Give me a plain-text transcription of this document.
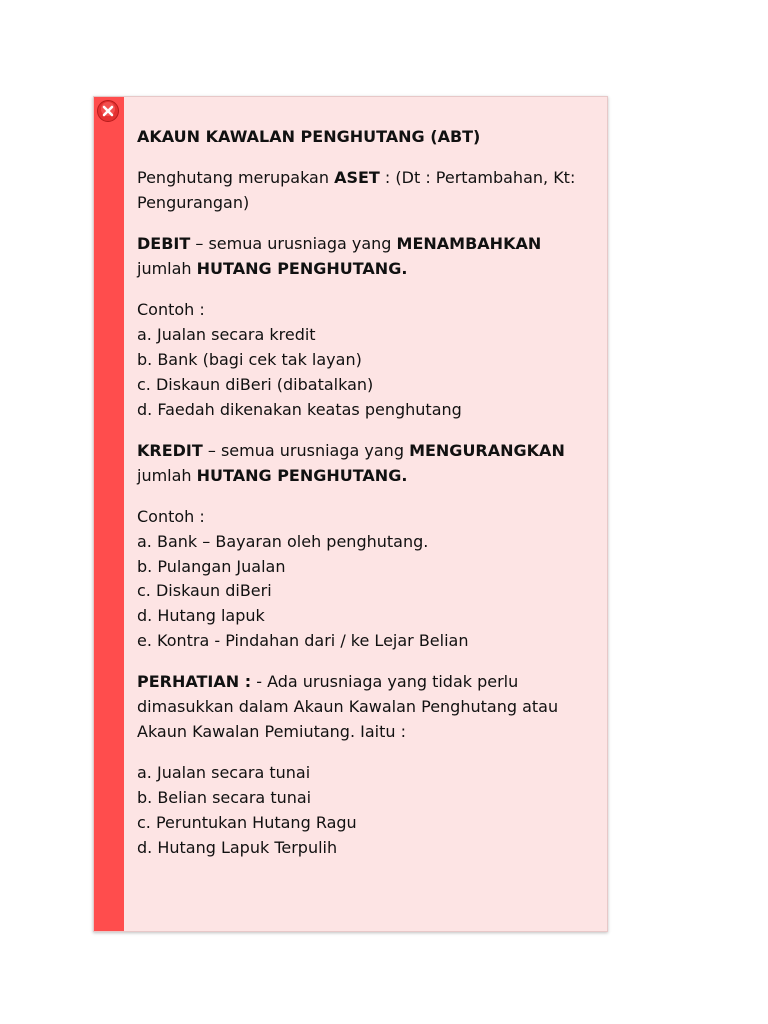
AKAUN KAWALAN PENGHUTANG (ABT)

Penghutang merupakan ASET : (Dt : Pertambahan, Kt: Pengurangan)

DEBIT – semua urusniaga yang MENAMBAHKAN jumlah HUTANG PENGHUTANG.

Contoh :
a. Jualan secara kredit
b. Bank (bagi cek tak layan)
c. Diskaun diBeri (dibatalkan)
d. Faedah dikenakan keatas penghutang

KREDIT – semua urusniaga yang MENGURANGKAN jumlah HUTANG PENGHUTANG.

Contoh :
a. Bank – Bayaran oleh penghutang.
b. Pulangan Jualan
c. Diskaun diBeri
d. Hutang lapuk
e. Kontra - Pindahan dari / ke Lejar Belian

PERHATIAN : - Ada urusniaga yang tidak perlu dimasukkan dalam Akaun Kawalan Penghutang atau Akaun Kawalan Pemiutang. Iaitu :

a. Jualan secara tunai
b. Belian secara tunai
c. Peruntukan Hutang Ragu
d. Hutang Lapuk Terpulih
